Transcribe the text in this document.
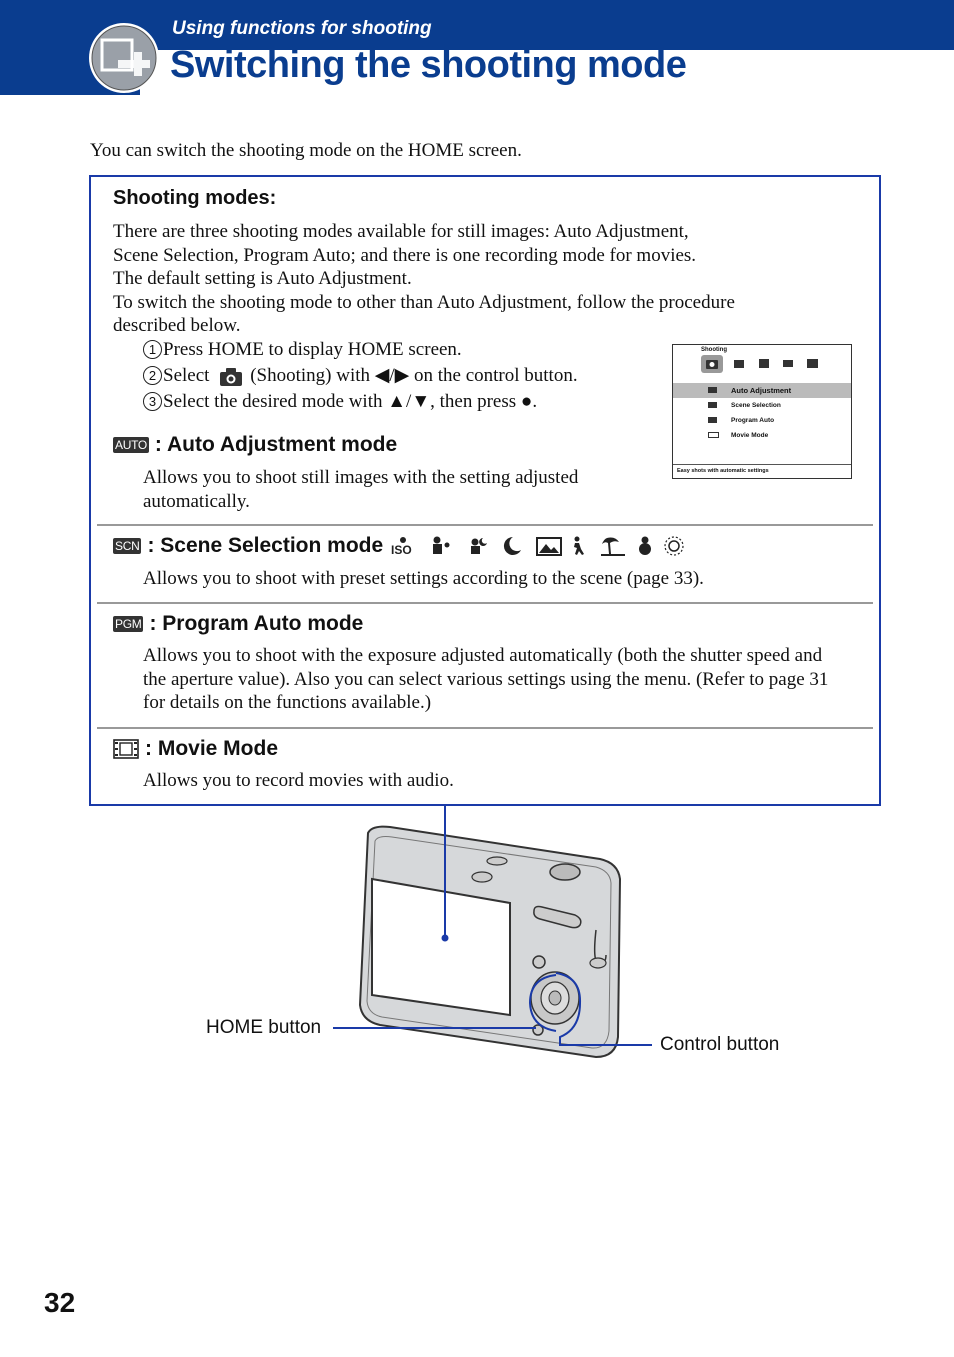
Using functions for shooting
Switching the shooting mode
You can switch the shooting mode on the HOME screen.
Shooting modes:
There are three shooting modes available for still images: Auto Adjustment,
Scene Selection, Program Auto; and there is one recording mode for movies.
The default setting is Auto Adjustment.
To switch the shooting mode to other than Auto Adjustment, follow the procedure
described below.
1 Press HOME to display HOME screen.
2 Select (Shooting) with ◀/▶ on the control button.
3 Select the desired mode with ▲/▼, then press ●.
Shooting
Auto Adjustment
Scene Selection
Program Auto
Movie Mode
Easy shots with automatic settings
AUTO : Auto Adjustment mode
Allows you to shoot still images with the setting adjusted
automatically.
SCN : Scene Selection mode ISO
Allows you to shoot with preset settings according to the scene (page 33).
PGM : Program Auto mode
Allows you to shoot with the exposure adjusted automatically (both the shutter speed and
the aperture value). Also you can select various settings using the menu. (Refer to page 31
for details on the functions available.)
: Movie Mode
Allows you to record movies with audio.
HOME button
Control button
32
